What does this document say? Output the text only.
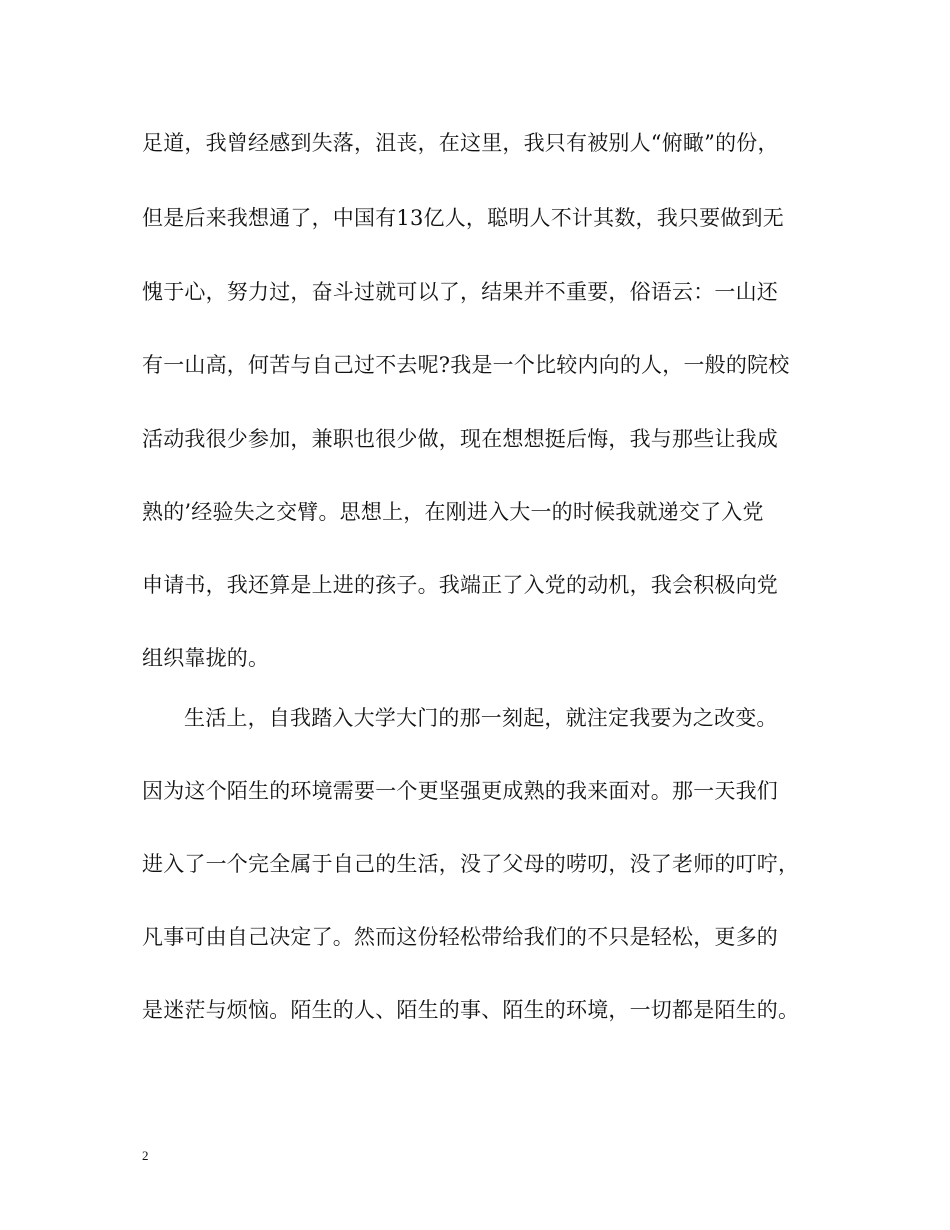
足道，我曾经感到失落，沮丧，在这里，我只有被别人“俯瞰”的份，
但是后来我想通了，中国有13亿人，聪明人不计其数，我只要做到无
愧于心，努力过，奋斗过就可以了，结果并不重要，俗语云：一山还
有一山高，何苦与自己过不去呢?我是一个比较内向的人，一般的院校
活动我很少参加，兼职也很少做，现在想想挺后悔，我与那些让我成
熟的’经验失之交臂。思想上，在刚进入大一的时候我就递交了入党
申请书，我还算是上进的孩子。我端正了入党的动机，我会积极向党
组织靠拢的。
生活上，自我踏入大学大门的那一刻起，就注定我要为之改变。
因为这个陌生的环境需要一个更坚强更成熟的我来面对。那一天我们
进入了一个完全属于自己的生活，没了父母的唠叨，没了老师的叮咛，
凡事可由自己决定了。然而这份轻松带给我们的不只是轻松，更多的
是迷茫与烦恼。陌生的人、陌生的事、陌生的环境，一切都是陌生的。
2
